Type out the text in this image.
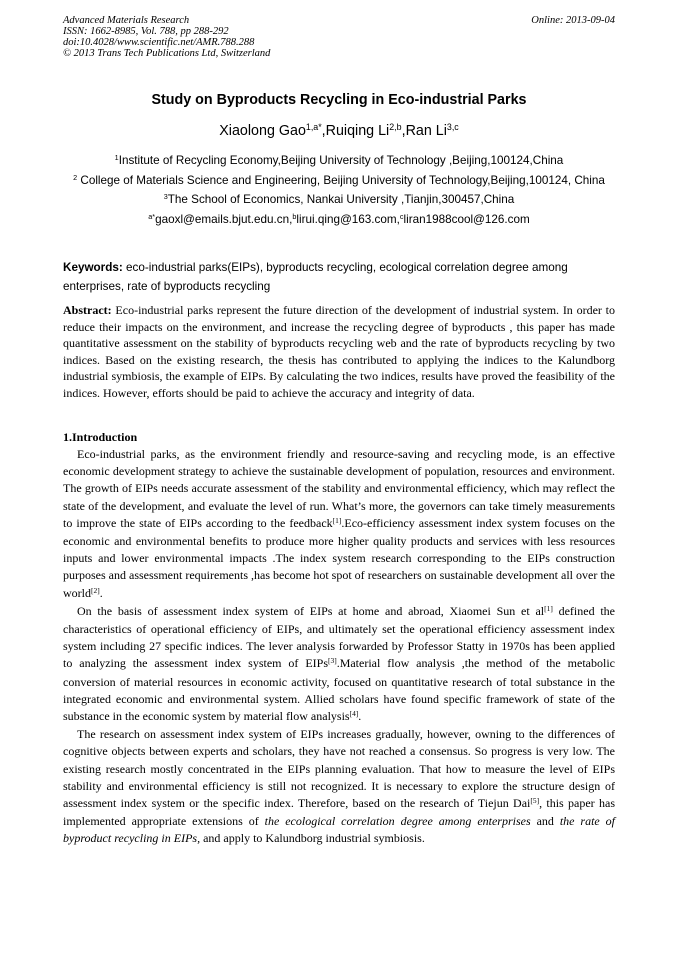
Advanced Materials Research
ISSN: 1662-8985, Vol. 788, pp 288-292
doi:10.4028/www.scientific.net/AMR.788.288
© 2013 Trans Tech Publications Ltd, Switzerland
Online: 2013-09-04
Study on Byproducts Recycling in Eco-industrial Parks
Xiaolong Gao$^{1,a*}$,Ruiqing Li$^{2,b}$,Ran Li$^{3,c}$

$^1$Institute of Recycling Economy,Beijing University of Technology ,Beijing,100124,China

$^2$ College of Materials Science and Engineering, Beijing University of Technology,Beijing,100124, China

$^3$The School of Economics, Nankai University ,Tianjin,300457,China

$^{a*}$gaoxl@emails.bjut.edu.cn,$^b$lirui.qing@163.com,$^c$liran1988cool@126.com

Keywords: eco-industrial parks(EIPs), byproducts recycling, ecological correlation degree among enterprises, rate of byproducts recycling
Abstract: Eco-industrial parks represent the future direction of the development of industrial system. In order to reduce their impacts on the environment, and increase the recycling degree of byproducts , this paper has made quantitative assessment on the stability of byproducts recycling web and the rate of byproducts recycling by two indices. Based on the existing research, the thesis has contributed to applying the indices to the Kalundborg industrial symbiosis, the example of EIPs. By calculating the two indices, results have proved the feasibility of the indices. However, efforts should be paid to achieve the accuracy and integrity of data.
1.Introduction

Eco-industrial parks, as the environment friendly and resource-saving and recycling mode, is an effective economic development strategy to achieve the sustainable development of population, resources and environment. The growth of EIPs needs accurate assessment of the stability and environmental efficiency, which may reflect the state of the development, and evaluate the level of run. What’s more, the governors can take timely measurements to improve the state of EIPs according to the feedback[1].Eco-efficiency assessment index system focuses on the economic and environmental benefits to produce more higher quality products and services with less resources inputs and lower environmental impacts .The index system research corresponding to the EIPs construction purposes and assessment requirements ,has become hot spot of researchers on sustainable development all over the world[2].

On the basis of assessment index system of EIPs at home and abroad, Xiaomei Sun et al[1] defined the characteristics of operational efficiency of EIPs, and ultimately set the operational efficiency assessment index system including 27 specific indices. The lever analysis forwarded by Professor Statty in 1970s has been applied to analyzing the assessment index system of EIPs[3].Material flow analysis ,the method of the metabolic conversion of material resources in economic activity, focused on quantitative research of total substance in the integrated economic and environmental system. Allied scholars have found specific framework of state of the substance in the economic system by material flow analysis[4].

The research on assessment index system of EIPs increases gradually, however, owning to the differences of cognitive objects between experts and scholars, they have not reached a consensus. So progress is very low. The existing research mostly concentrated in the EIPs planning evaluation. That how to measure the level of EIPs stability and environmental efficiency is still not recognized. It is necessary to explore the structure design of assessment index system or the specific index. Therefore, based on the research of Tiejun Dai[5], this paper has implemented appropriate extensions of the ecological correlation degree among enterprises and the rate of byproduct recycling in EIPs, and apply to Kalundborg industrial symbiosis.
